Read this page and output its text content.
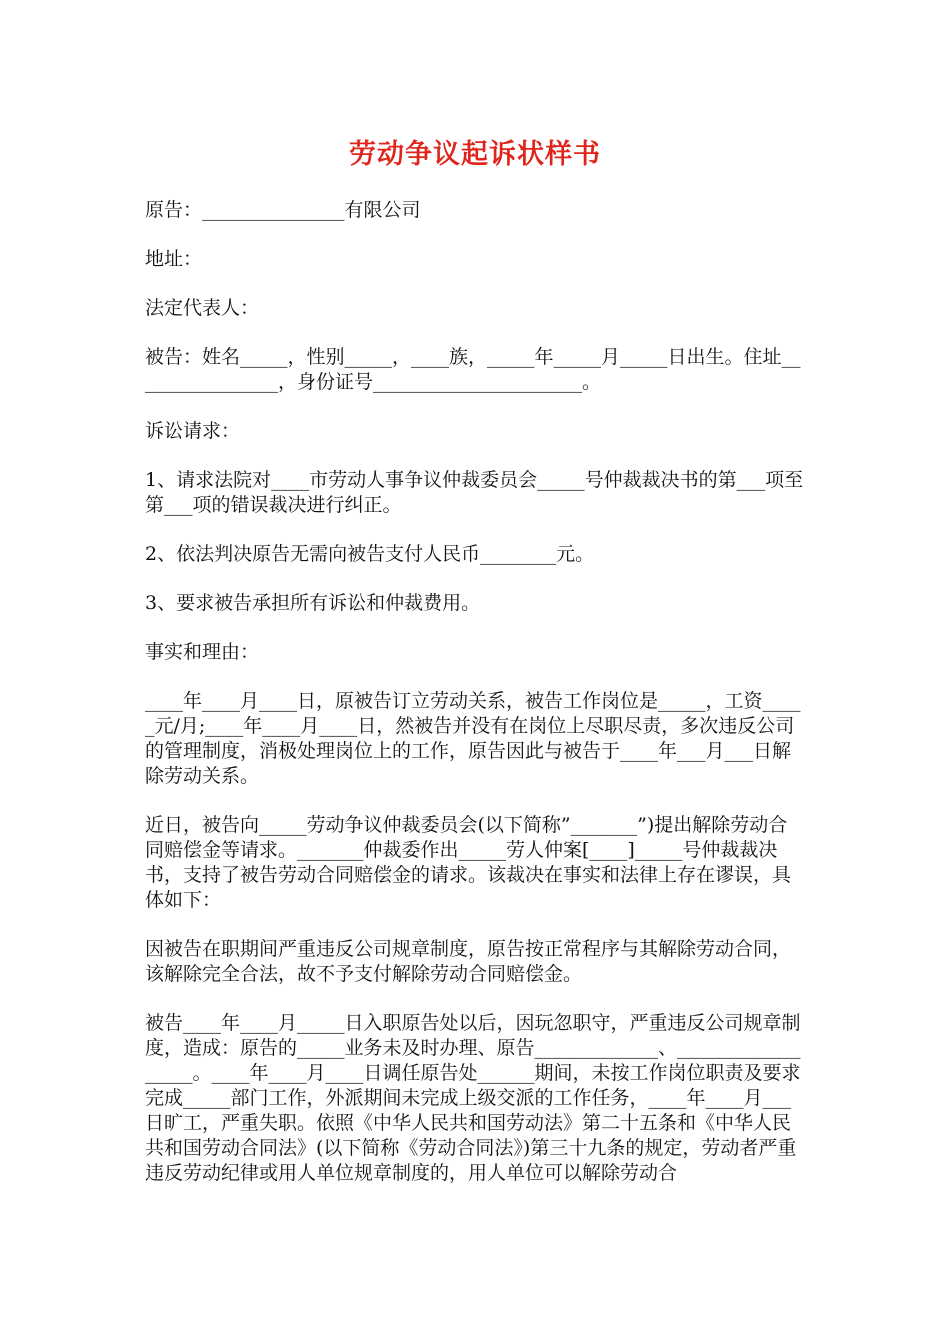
劳动争议起诉状样书

原告：_______________有限公司

地址：

法定代表人：

被告：姓名_____，性别_____，____族，_____年_____月_____日出生。住址________________，身份证号______________________。

诉讼请求：

1、请求法院对____市劳动人事争议仲裁委员会_____号仲裁裁决书的第___项至第___项的错误裁决进行纠正。

2、依法判决原告无需向被告支付人民币________元。

3、要求被告承担所有诉讼和仲裁费用。

事实和理由：

____年____月____日，原被告订立劳动关系，被告工作岗位是_____，工资_____元/月;____年____月____日，然被告并没有在岗位上尽职尽责，多次违反公司的管理制度，消极处理岗位上的工作，原告因此与被告于____年___月___日解除劳动关系。

近日，被告向_____劳动争议仲裁委员会(以下简称”_______”)提出解除劳动合同赔偿金等请求。_______仲裁委作出_____劳人仲案[____]_____号仲裁裁决书，支持了被告劳动合同赔偿金的请求。该裁决在事实和法律上存在谬误，具体如下：

因被告在职期间严重违反公司规章制度，原告按正常程序与其解除劳动合同，该解除完全合法，故不予支付解除劳动合同赔偿金。

被告____年____月_____日入职原告处以后，因玩忽职守，严重违反公司规章制度，造成：原告的_____业务未及时办理、原告_____________、__________________。____年____月____日调任原告处______期间，未按工作岗位职责及要求完成_____部门工作，外派期间未完成上级交派的工作任务，____年____月___日旷工，严重失职。依照《中华人民共和国劳动法》第二十五条和《中华人民共和国劳动合同法》(以下简称《劳动合同法》)第三十九条的规定，劳动者严重违反劳动纪律或用人单位规章制度的，用人单位可以解除劳动合
